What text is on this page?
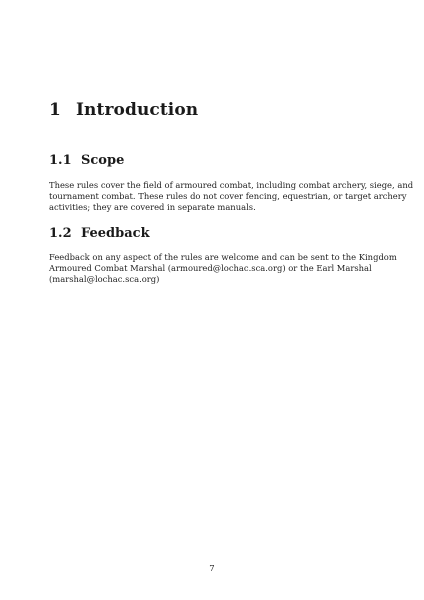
1 Introduction
1.1 Scope
These rules cover the field of armoured combat, including combat archery, siege, and
tournament combat. These rules do not cover fencing, equestrian, or target archery
activities; they are covered in separate manuals.
1.2 Feedback
Feedback on any aspect of the rules are welcome and can be sent to the Kingdom
Armoured Combat Marshal (armoured@lochac.sca.org) or the Earl Marshal
(marshal@lochac.sca.org)
7
